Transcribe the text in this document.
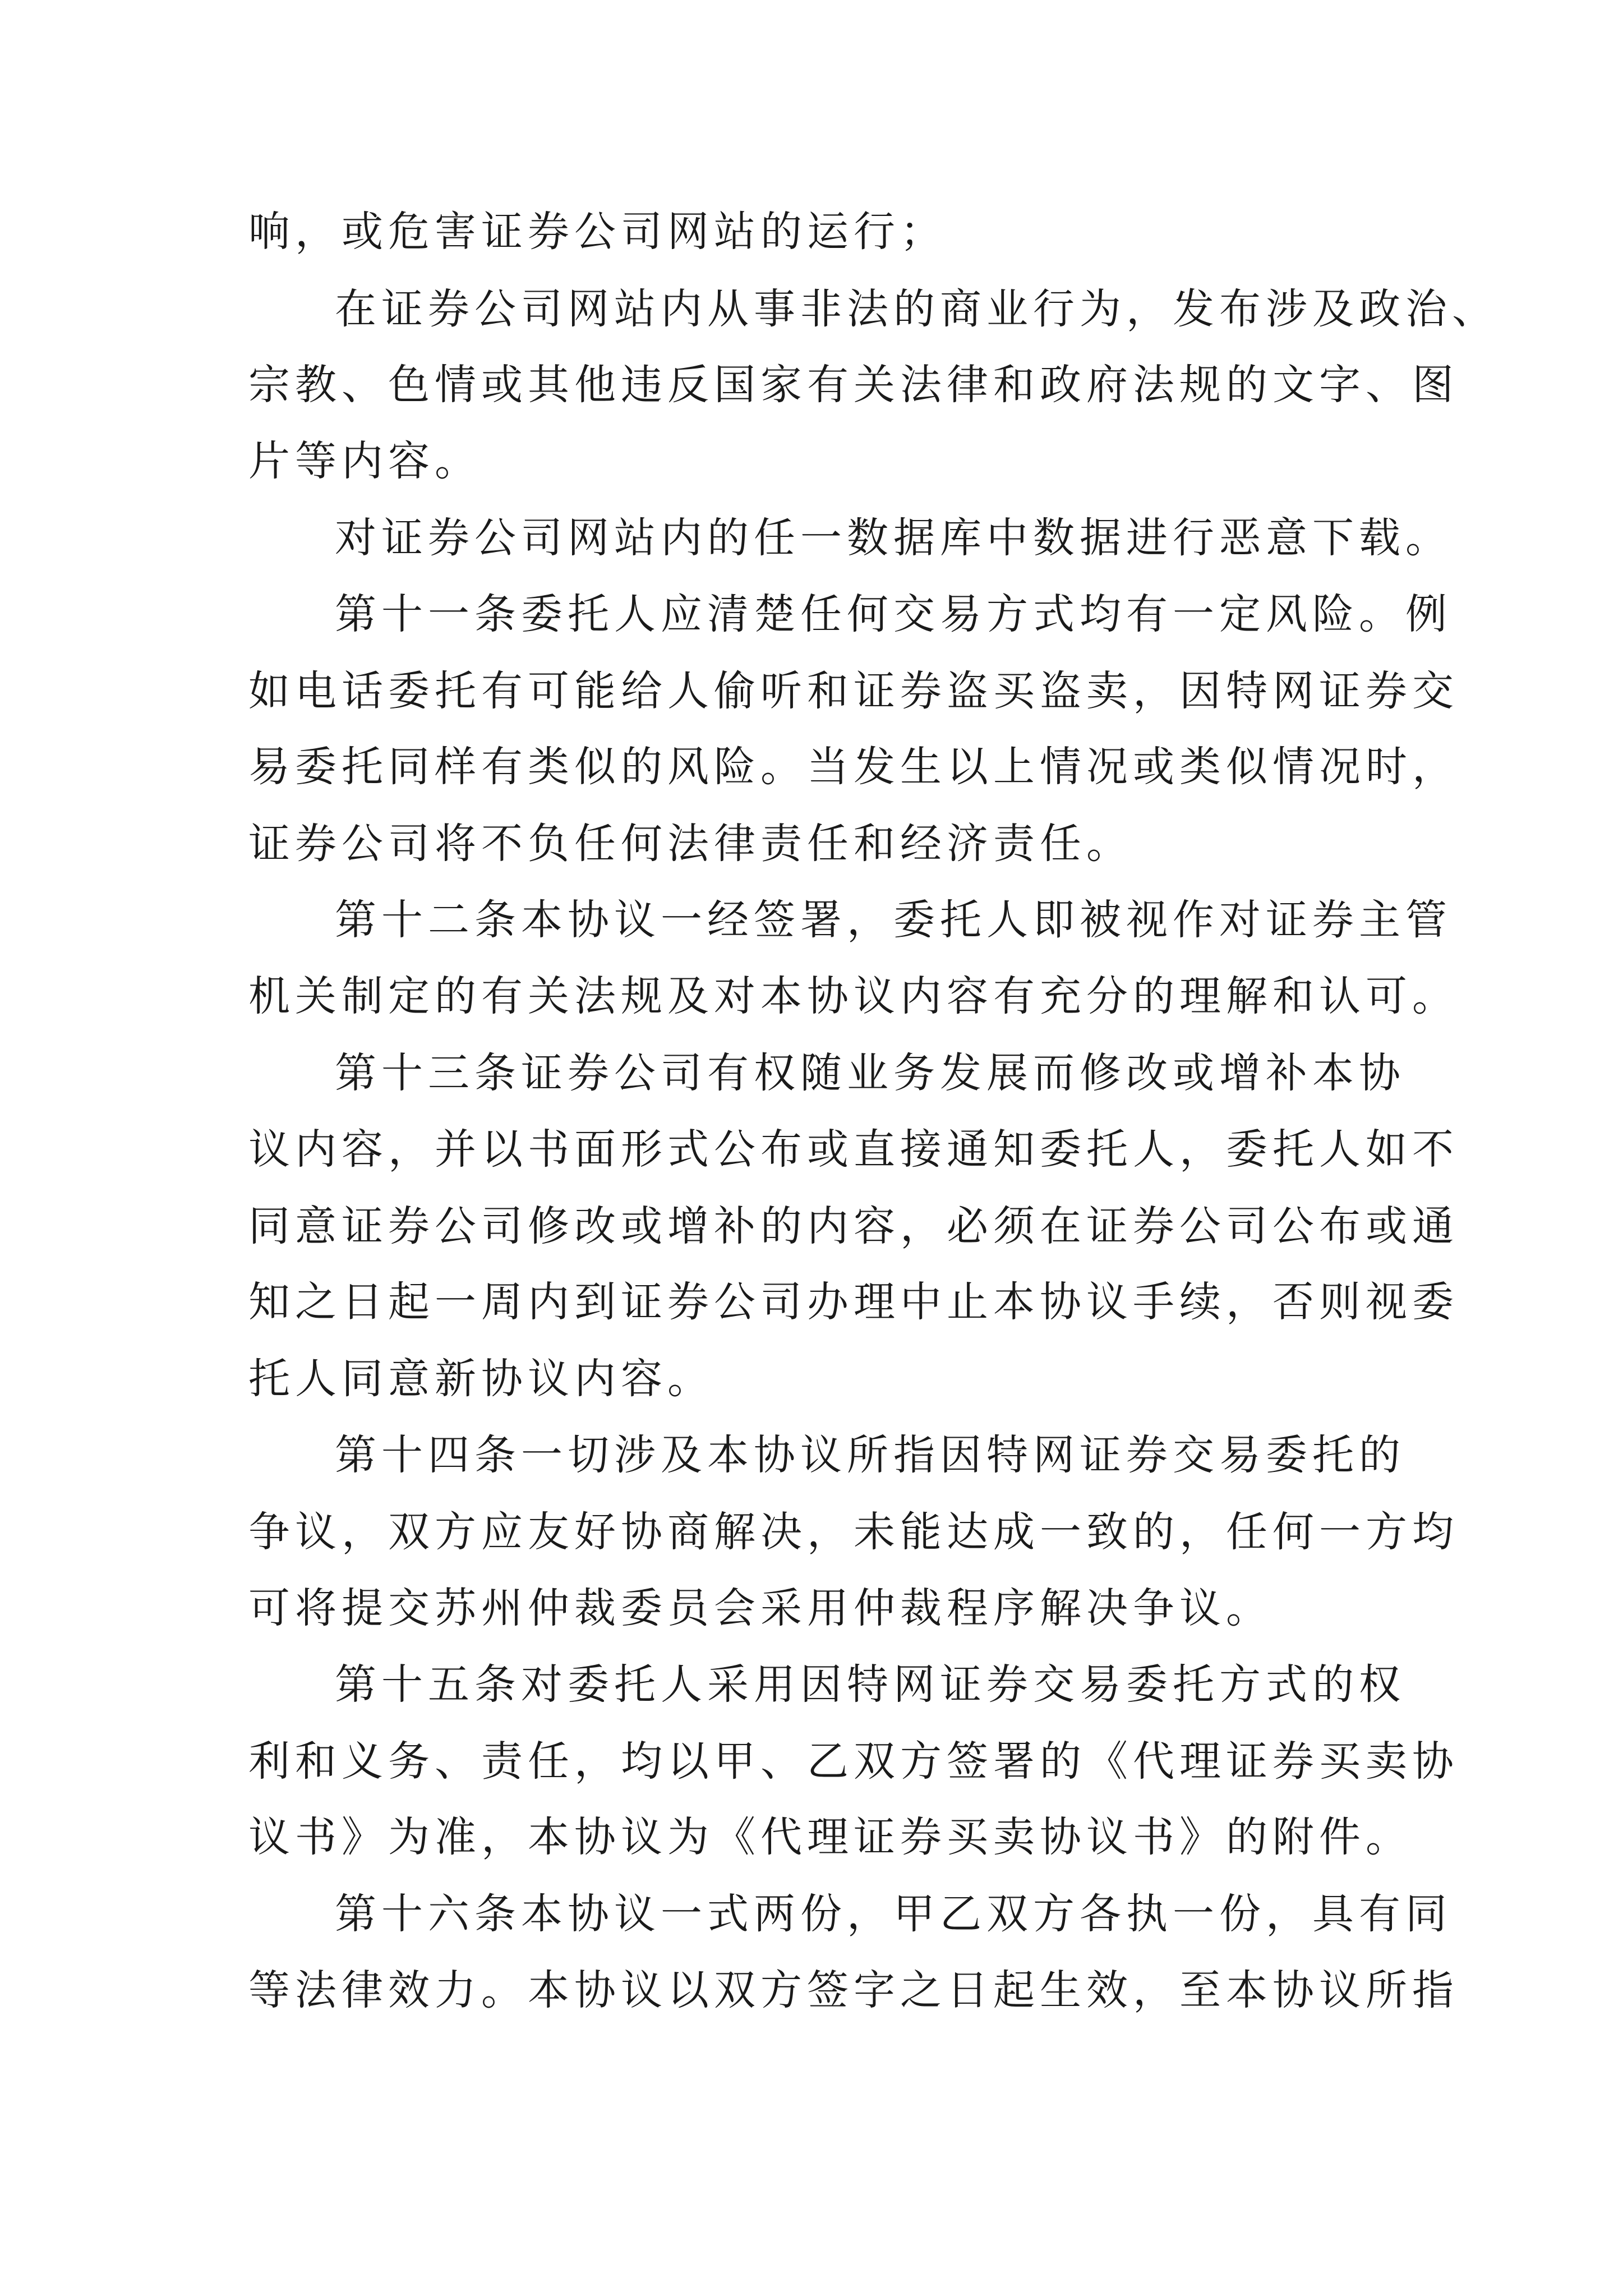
响，或危害证券公司网站的运行；
在证券公司网站内从事非法的商业行为，发布涉及政治、
宗教、色情或其他违反国家有关法律和政府法规的文字、图
片等内容。
对证券公司网站内的任一数据库中数据进行恶意下载。
第十一条委托人应清楚任何交易方式均有一定风险。例
如电话委托有可能给人偷听和证券盗买盗卖，因特网证券交
易委托同样有类似的风险。当发生以上情况或类似情况时，
证券公司将不负任何法律责任和经济责任。
第十二条本协议一经签署，委托人即被视作对证券主管
机关制定的有关法规及对本协议内容有充分的理解和认可。
第十三条证券公司有权随业务发展而修改或增补本协
议内容，并以书面形式公布或直接通知委托人，委托人如不
同意证券公司修改或增补的内容，必须在证券公司公布或通
知之日起一周内到证券公司办理中止本协议手续，否则视委
托人同意新协议内容。
第十四条一切涉及本协议所指因特网证券交易委托的
争议，双方应友好协商解决，未能达成一致的，任何一方均
可将提交苏州仲裁委员会采用仲裁程序解决争议。
第十五条对委托人采用因特网证券交易委托方式的权
利和义务、责任，均以甲、乙双方签署的《代理证券买卖协
议书》为准，本协议为《代理证券买卖协议书》的附件。
第十六条本协议一式两份，甲乙双方各执一份，具有同
等法律效力。本协议以双方签字之日起生效，至本协议所指
